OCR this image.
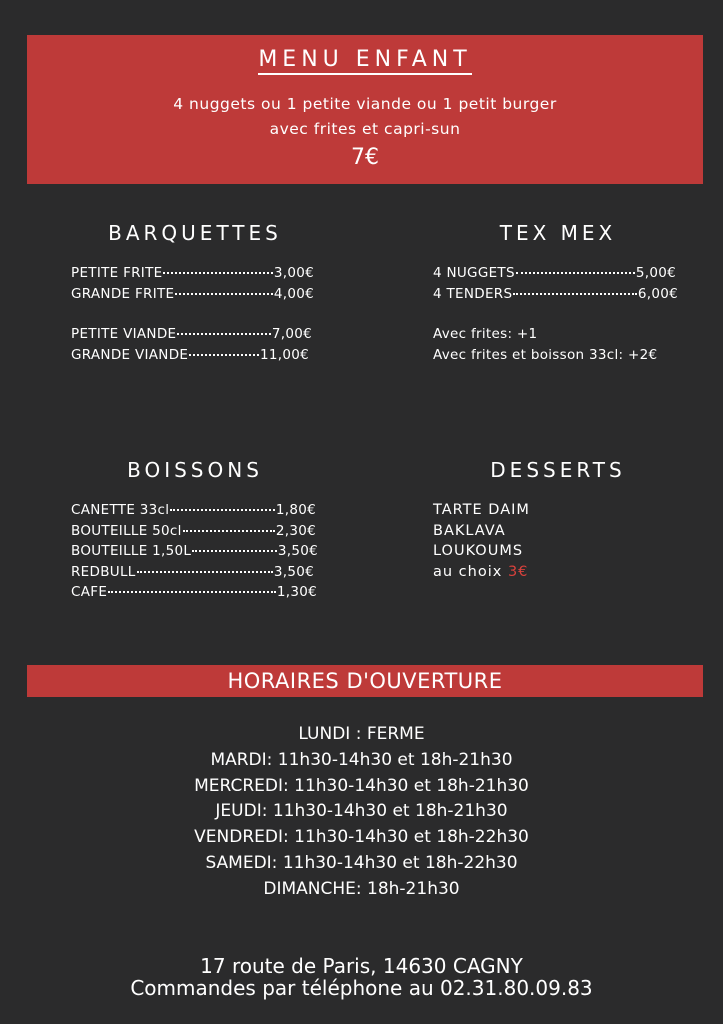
MENU ENFANT
4 nuggets ou 1 petite viande ou 1 petit burger
avec frites et capri-sun
7€
BARQUETTES
PETITE FRITE	3,00€
GRANDE FRITE	4,00€
PETITE VIANDE	7,00€
GRANDE VIANDE	11,00€
TEX MEX
4 NUGGETS	5,00€
4 TENDERS	6,00€
Avec frites: +1
Avec frites et boisson 33cl: +2€
BOISSONS
CANETTE 33cl	1,80€
BOUTEILLE 50cl	2,30€
BOUTEILLE 1,50L	3,50€
REDBULL	3,50€
CAFE	1,30€
DESSERTS
TARTE DAIM
BAKLAVA
LOUKOUMS
au choix 3€
HORAIRES D'OUVERTURE
LUNDI : FERME
MARDI: 11h30-14h30 et 18h-21h30
MERCREDI: 11h30-14h30 et 18h-21h30
JEUDI: 11h30-14h30 et 18h-21h30
VENDREDI: 11h30-14h30 et 18h-22h30
SAMEDI: 11h30-14h30 et 18h-22h30
DIMANCHE: 18h-21h30
17 route de Paris, 14630 CAGNY
Commandes par téléphone au 02.31.80.09.83
